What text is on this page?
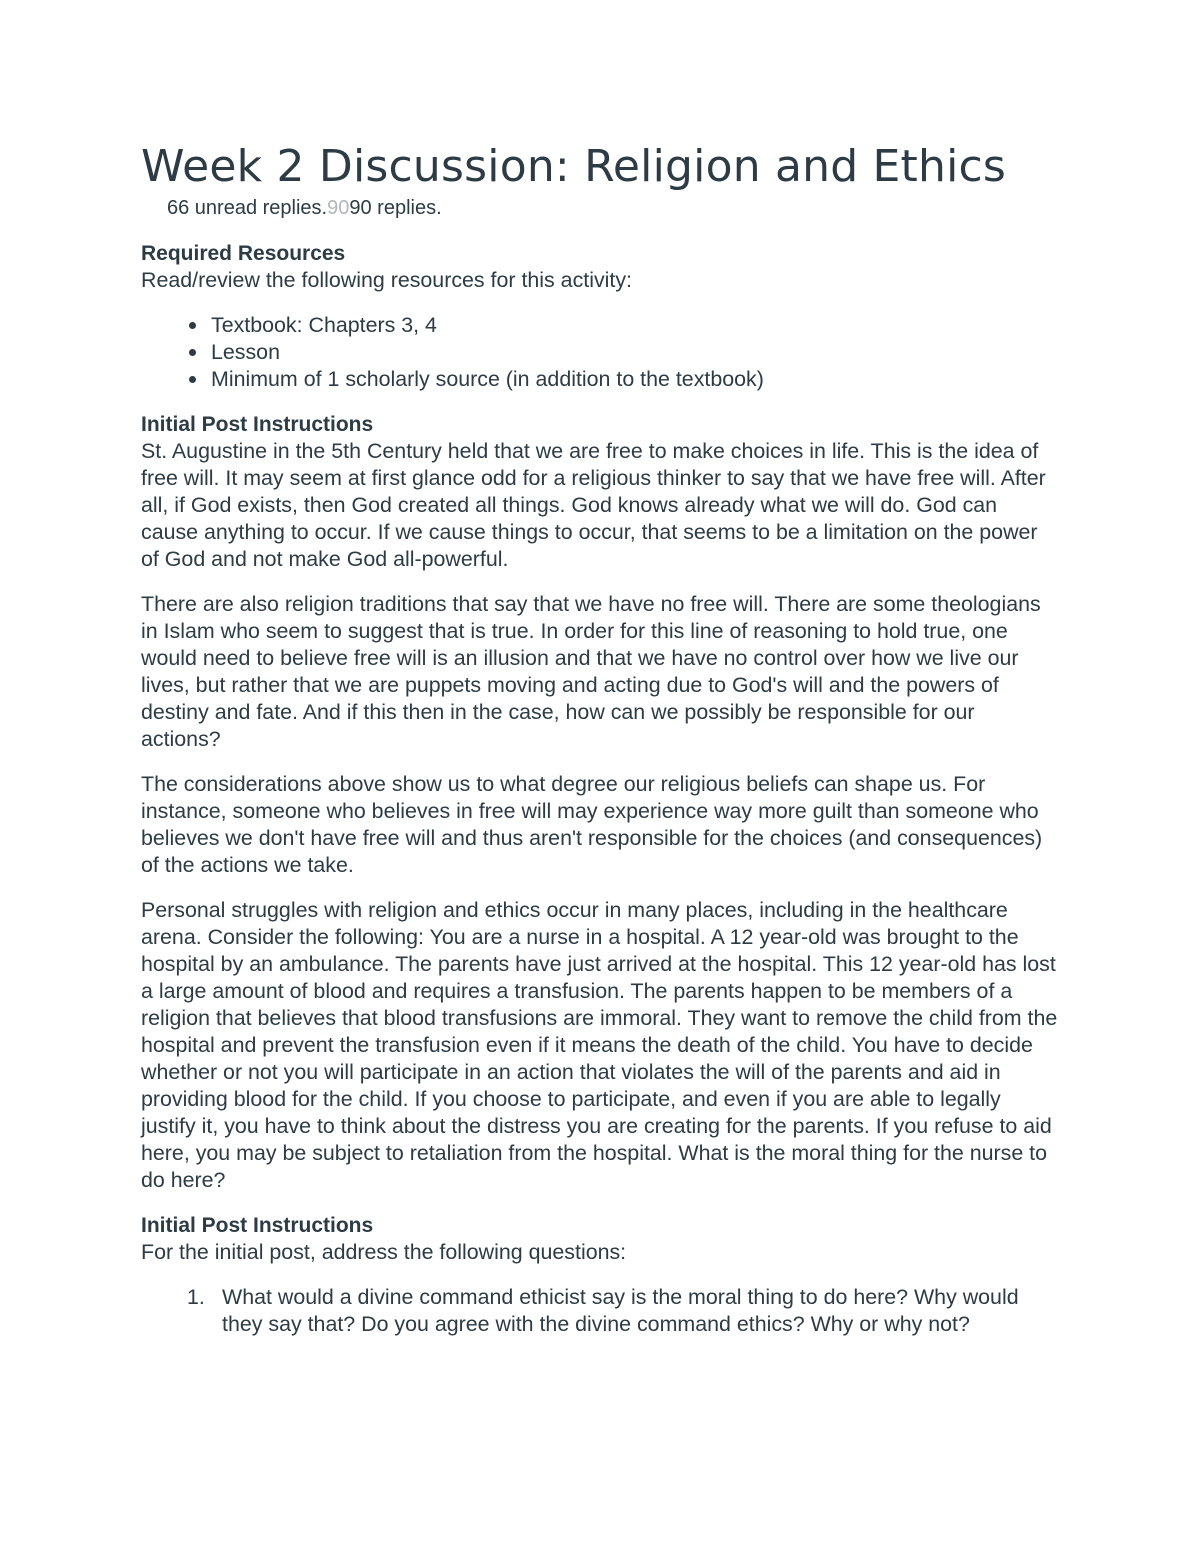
Week 2 Discussion: Religion and Ethics
66 unread replies.9090 replies.
Required Resources

Read/review the following resources for this activity:

Textbook: Chapters 3, 4
Lesson
Minimum of 1 scholarly source (in addition to the textbook)
Initial Post Instructions

St. Augustine in the 5th Century held that we are free to make choices in life. This is the idea of free will. It may seem at first glance odd for a religious thinker to say that we have free will. After all, if God exists, then God created all things. God knows already what we will do. God can cause anything to occur. If we cause things to occur, that seems to be a limitation on the power of God and not make God all-powerful.

There are also religion traditions that say that we have no free will. There are some theologians in Islam who seem to suggest that is true. In order for this line of reasoning to hold true, one would need to believe free will is an illusion and that we have no control over how we live our lives, but rather that we are puppets moving and acting due to God's will and the powers of destiny and fate. And if this then in the case, how can we possibly be responsible for our actions?

The considerations above show us to what degree our religious beliefs can shape us. For instance, someone who believes in free will may experience way more guilt than someone who believes we don't have free will and thus aren't responsible for the choices (and consequences) of the actions we take.

Personal struggles with religion and ethics occur in many places, including in the healthcare arena. Consider the following: You are a nurse in a hospital. A 12 year-old was brought to the hospital by an ambulance. The parents have just arrived at the hospital. This 12 year-old has lost a large amount of blood and requires a transfusion. The parents happen to be members of a religion that believes that blood transfusions are immoral. They want to remove the child from the hospital and prevent the transfusion even if it means the death of the child. You have to decide whether or not you will participate in an action that violates the will of the parents and aid in providing blood for the child. If you choose to participate, and even if you are able to legally justify it, you have to think about the distress you are creating for the parents. If you refuse to aid here, you may be subject to retaliation from the hospital. What is the moral thing for the nurse to do here?

Initial Post Instructions

For the initial post, address the following questions:

1. What would a divine command ethicist say is the moral thing to do here? Why would they say that? Do you agree with the divine command ethics? Why or why not?
